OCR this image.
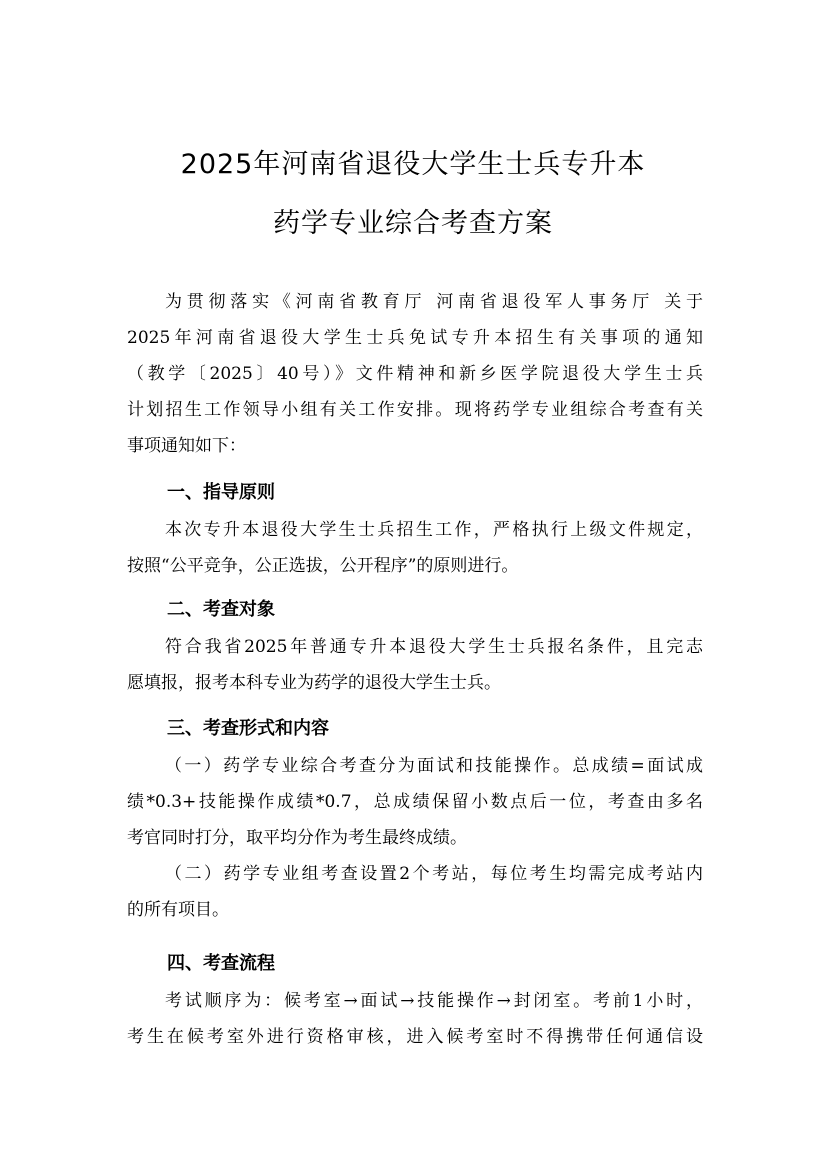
2025年河南省退役大学生士兵专升本
药学专业综合考查方案
为贯彻落实《河南省教育厅 河南省退役军人事务厅 关于
2025年河南省退役大学生士兵免试专升本招生有关事项的通知
（教学〔2025〕40号）》文件精神和新乡医学院退役大学生士兵
计划招生工作领导小组有关工作安排。现将药学专业组综合考查有关
事项通知如下：
一、指导原则
本次专升本退役大学生士兵招生工作，严格执行上级文件规定，
按照“公平竞争，公正选拔，公开程序”的原则进行。
二、考查对象
符合我省2025年普通专升本退役大学生士兵报名条件，且完志
愿填报，报考本科专业为药学的退役大学生士兵。
三、考查形式和内容
（一）药学专业综合考查分为面试和技能操作。总成绩=面试成
绩*0.3+技能操作成绩*0.7，总成绩保留小数点后一位，考查由多名
考官同时打分，取平均分作为考生最终成绩。
（二）药学专业组考查设置2个考站，每位考生均需完成考站内
的所有项目。
四、考查流程
考试顺序为：候考室→面试→技能操作→封闭室。考前1小时，
考生在候考室外进行资格审核，进入候考室时不得携带任何通信设
